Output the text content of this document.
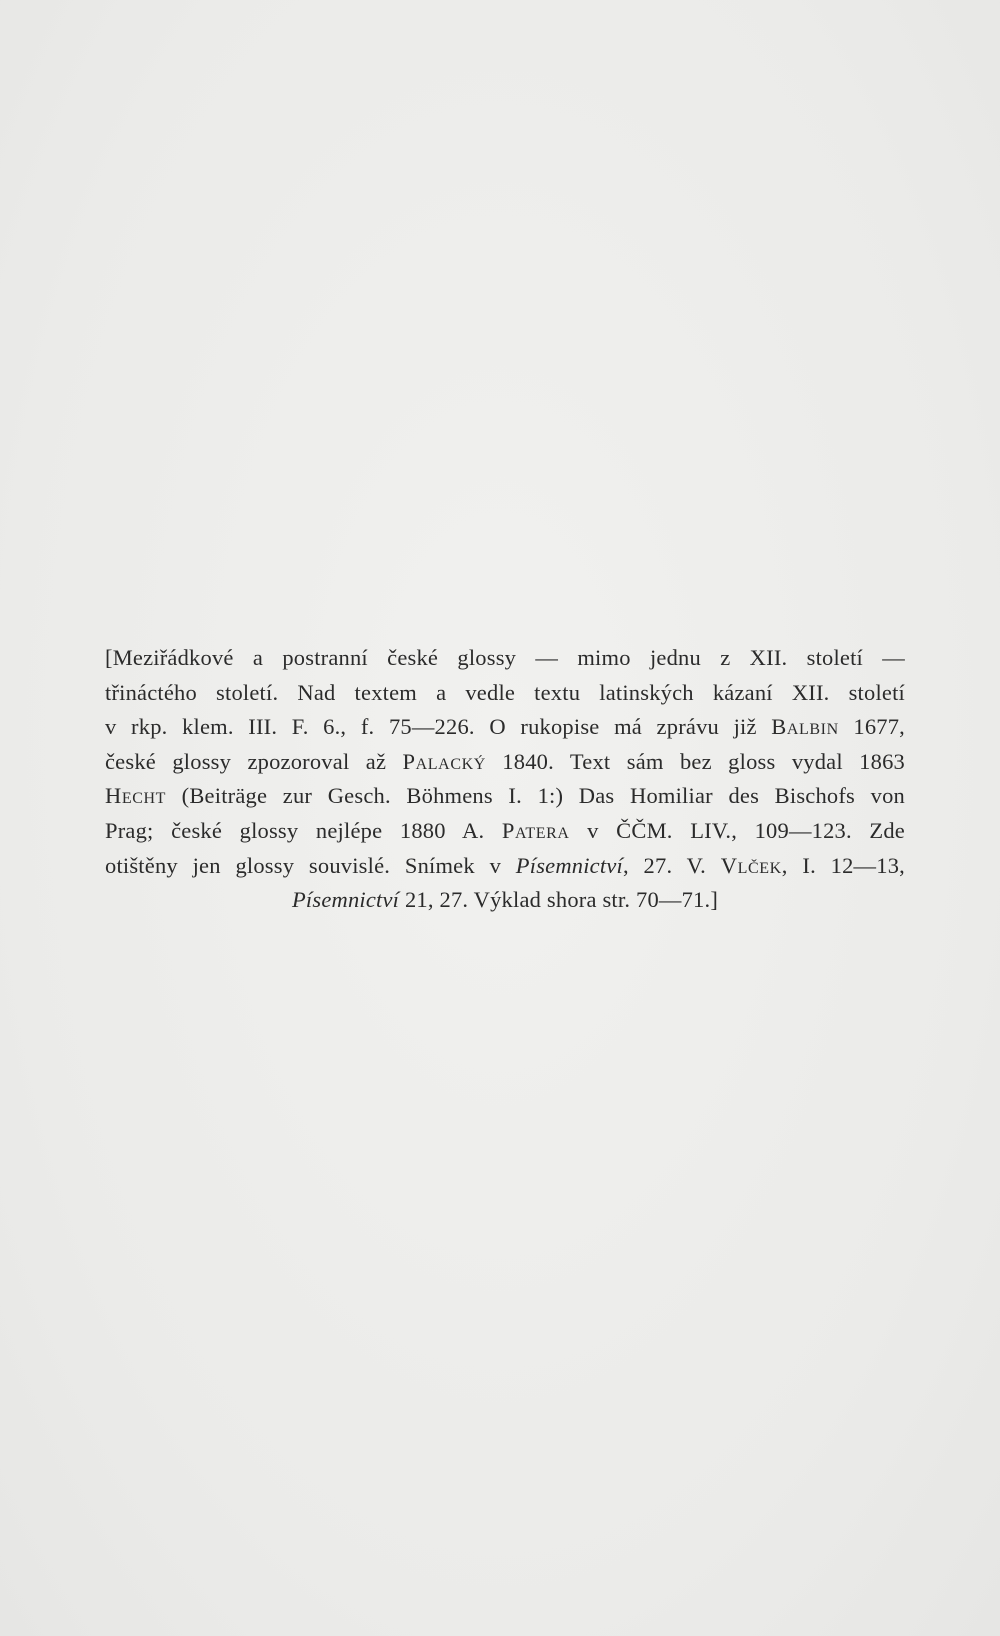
[Meziřádkové a postranní české glossy — mimo jednu z XII. století —
třináctého století. Nad textem a vedle textu latinských kázaní XII. století
v rkp. klem. III. F. 6., f. 75—226. O rukopise má zprávu již Balbin 1677,
české glossy zpozoroval až Palacký 1840. Text sám bez gloss vydal 1863
Hecht (Beiträge zur Gesch. Böhmens I. 1:) Das Homiliar des Bischofs von
Prag; české glossy nejlépe 1880 A. Patera v ČČM. LIV., 109—123. Zde
otištěny jen glossy souvislé. Snímek v Písemnictví, 27. V. Vlček, I. 12—13,
Písemnictví 21, 27. Výklad shora str. 70—71.]
